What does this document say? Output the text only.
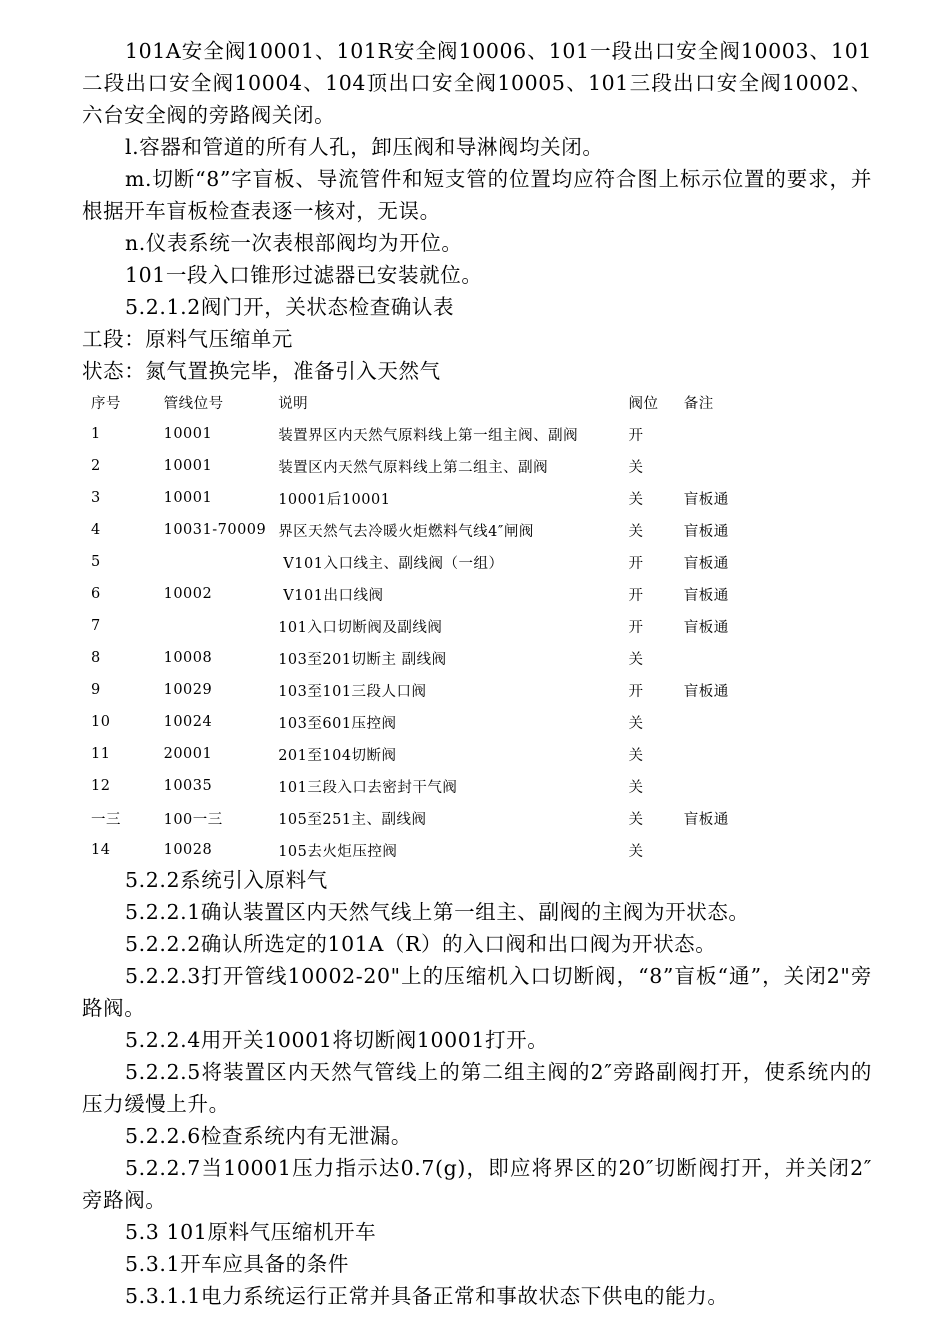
101A安全阀10001、101R安全阀10006、101一段出口安全阀10003、101二段出口安全阀10004、104顶出口安全阀10005、101三段出口安全阀10002、六台安全阀的旁路阀关闭。
l.容器和管道的所有人孔，卸压阀和导淋阀均关闭。
m.切断“8”字盲板、导流管件和短支管的位置均应符合图上标示位置的要求，并根据开车盲板检查表逐一核对，无误。
n.仪表系统一次表根部阀均为开位。
101一段入口锥形过滤器已安装就位。
5.2.1.2阀门开，关状态检查确认表
工段：原料气压缩单元
状态：氮气置换完毕，准备引入天然气
序号	管线位号	说明	阀位	备注
1	10001	装置界区内天然气原料线上第一组主阀、副阀	开	
2	10001	装置区内天然气原料线上第二组主、副阀	关	
3	10001	10001后10001	关	盲板通
4	10031-70009	界区天然气去冷暖火炬燃料气线4″闸阀	关	盲板通
5		V101入口线主、副线阀（一组）	开	盲板通
6	10002	V101出口线阀	开	盲板通
7		101入口切断阀及副线阀	开	盲板通
8	10008	103至201切断主 副线阀	关	
9	10029	103至101三段人口阀	开	盲板通
10	10024	103至601压控阀	关	
11	20001	201至104切断阀	关	
12	10035	101三段入口去密封干气阀	关	
一三	100一三	105至251主、副线阀	关	盲板通
14	10028	105去火炬压控阀	关	
5.2.2系统引入原料气
5.2.2.1确认装置区内天然气线上第一组主、副阀的主阀为开状态。
5.2.2.2确认所选定的101A（R）的入口阀和出口阀为开状态。
5.2.2.3打开管线10002-20"上的压缩机入口切断阀，“8”盲板“通”，关闭2"旁路阀。
5.2.2.4用开关10001将切断阀10001打开。
5.2.2.5将装置区内天然气管线上的第二组主阀的2″旁路副阀打开，使系统内的压力缓慢上升。
5.2.2.6检查系统内有无泄漏。
5.2.2.7当10001压力指示达0.7(g)，即应将界区的20″切断阀打开，并关闭2″旁路阀。
5.3 101原料气压缩机开车
5.3.1开车应具备的条件
5.3.1.1电力系统运行正常并具备正常和事故状态下供电的能力。
